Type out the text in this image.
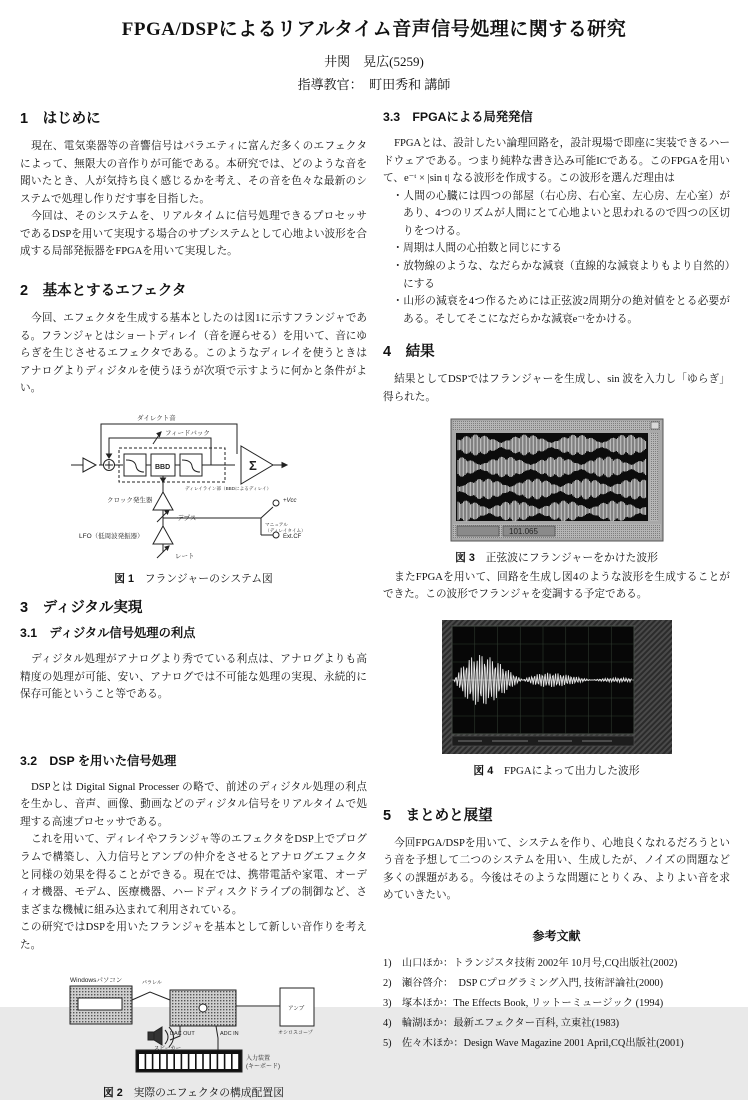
FPGA/DSPによるリアルタイム音声信号処理に関する研究
井関　晃広(5259)
指導教官：　町田秀和 講師
1　はじめに

現在、電気楽器等の音響信号はバラエティに富んだ多くのエフェクタによって、無限大の音作りが可能である。本研究では、どのような音を聞いたとき、人が気持ち良く感じるかを考え、その音を色々な最新のシステムで処理し作りだす事を目指した。

今回は、そのシステムを、リアルタイムに信号処理できるプロセッサであるDSPを用いて実現する場合のサブシステムとして心地よい波形を合成する局部発振器をFPGAを用いて実現した。

2　基本とするエフェクタ

今回、エフェクタを生成する基本としたのは図1に示すフランジャである。フランジャとはショートディレイ（音を遅らせる）を用いて、音にゆらぎを生じさせるエフェクタである。このようなディレイを使うときはアナログよりディジタルを使うほうが次項で示すように何かと条件がよい。

ダイレクト音
フィードバック
BBD	Σ
ディレイライン部（BBDによるディレイ）
クロック発生器
デプス
LFO（低周波発振器）
レート
+Vcc
マニュアル
（ディレイタイム）
Ext.CF
図 1　 フランジャーのシステム図
3　ディジタル実現
3.1　ディジタル信号処理の利点

ディジタル処理がアナログより秀でている利点は、アナログよりも高精度の処理が可能、安い、アナログでは不可能な処理の実現、永続的に保存可能ということ等である。

3.2　DSP を用いた信号処理

DSPとは Digital Signal Processer の略で、前述のディジタル処理の利点を生かし、音声、画像、動画などのディジタル信号をリアルタイムで処理する高速プロセッサである。

これを用いて、ディレイやフランジャ等のエフェクタをDSP上でプログラムで構築し、入力信号とアンプの仲介をさせるとアナログエフェクタと同様の効果を得ることができる。現在では、携帯電話や家電、オーディオ機器、モデム、医療機器、ハードディスクドライブの制御など、さまざまな機械に組み込まれて利用されている。

この研究ではDSPを用いたフランジャを基本として新しい音作りを考えた。

Windowsパソコン	パラレル
DAC OUT	ADC IN
スピーカー
入力装置
(キーボード)
アンプ
オシロスコープ
図 2　 実際のエフェクタの構成配置図
3.3　FPGAによる局発発信

FPGAとは、設計したい論理回路を，設計現場で即座に実装できるハードウェアである。つまり純粋な書き込み可能ICである。このFPGAを用いて、e⁻ᵗ × |sin t| なる波形を作成する。この波形を選んだ理由は

・人間の心臓には四つの部屋（右心房、右心室、左心房、左心室）があり、4つのリズムが人間にとて心地よいと思われるので四つの区切りをつける。

・周期は人間の心拍数と同じにする

・放物線のような、なだらかな減衰（直線的な減衰よりもより自然的）にする

・山形の減衰を4つ作るためには正弦波2周期分の絶対値をとる必要がある。そしてそこになだらかな減衰e⁻ᵗをかける。

4　結果

結果としてDSPではフランジャーを生成し、sin 波を入力し「ゆらぎ」得られた。

101.065
図 3　 正弦波にフランジャーをかけた波形

またFPGAを用いて、回路を生成し図4のような波形を生成することができた。この波形でフランジャを変調する予定である。

図 4　 FPGAによって出力した波形
5　まとめと展望

今回FPGA/DSPを用いて、システムを作り、心地良くなれるだろうという音を予想して二つのシステムを用い、生成したが、ノイズの問題など多くの課題がある。今後はそのような問題にとりくみ、よりよい音を求めていきたい。

参考文献
1)　山口ほか：トランジスタ技術 2002年 10月号,CQ出版社(2002)
2)　瀬谷啓介：　DSP Cプログラミング入門, 技術評論社(2000)
3)　塚本ほか：The Effects Book, リットーミュージック (1994)
4)　輪湖ほか：最新エフェクター百科, 立東社(1983)
5)　佐々木ほか：Design Wave Magazine 2001 April,CQ出版社(2001)
